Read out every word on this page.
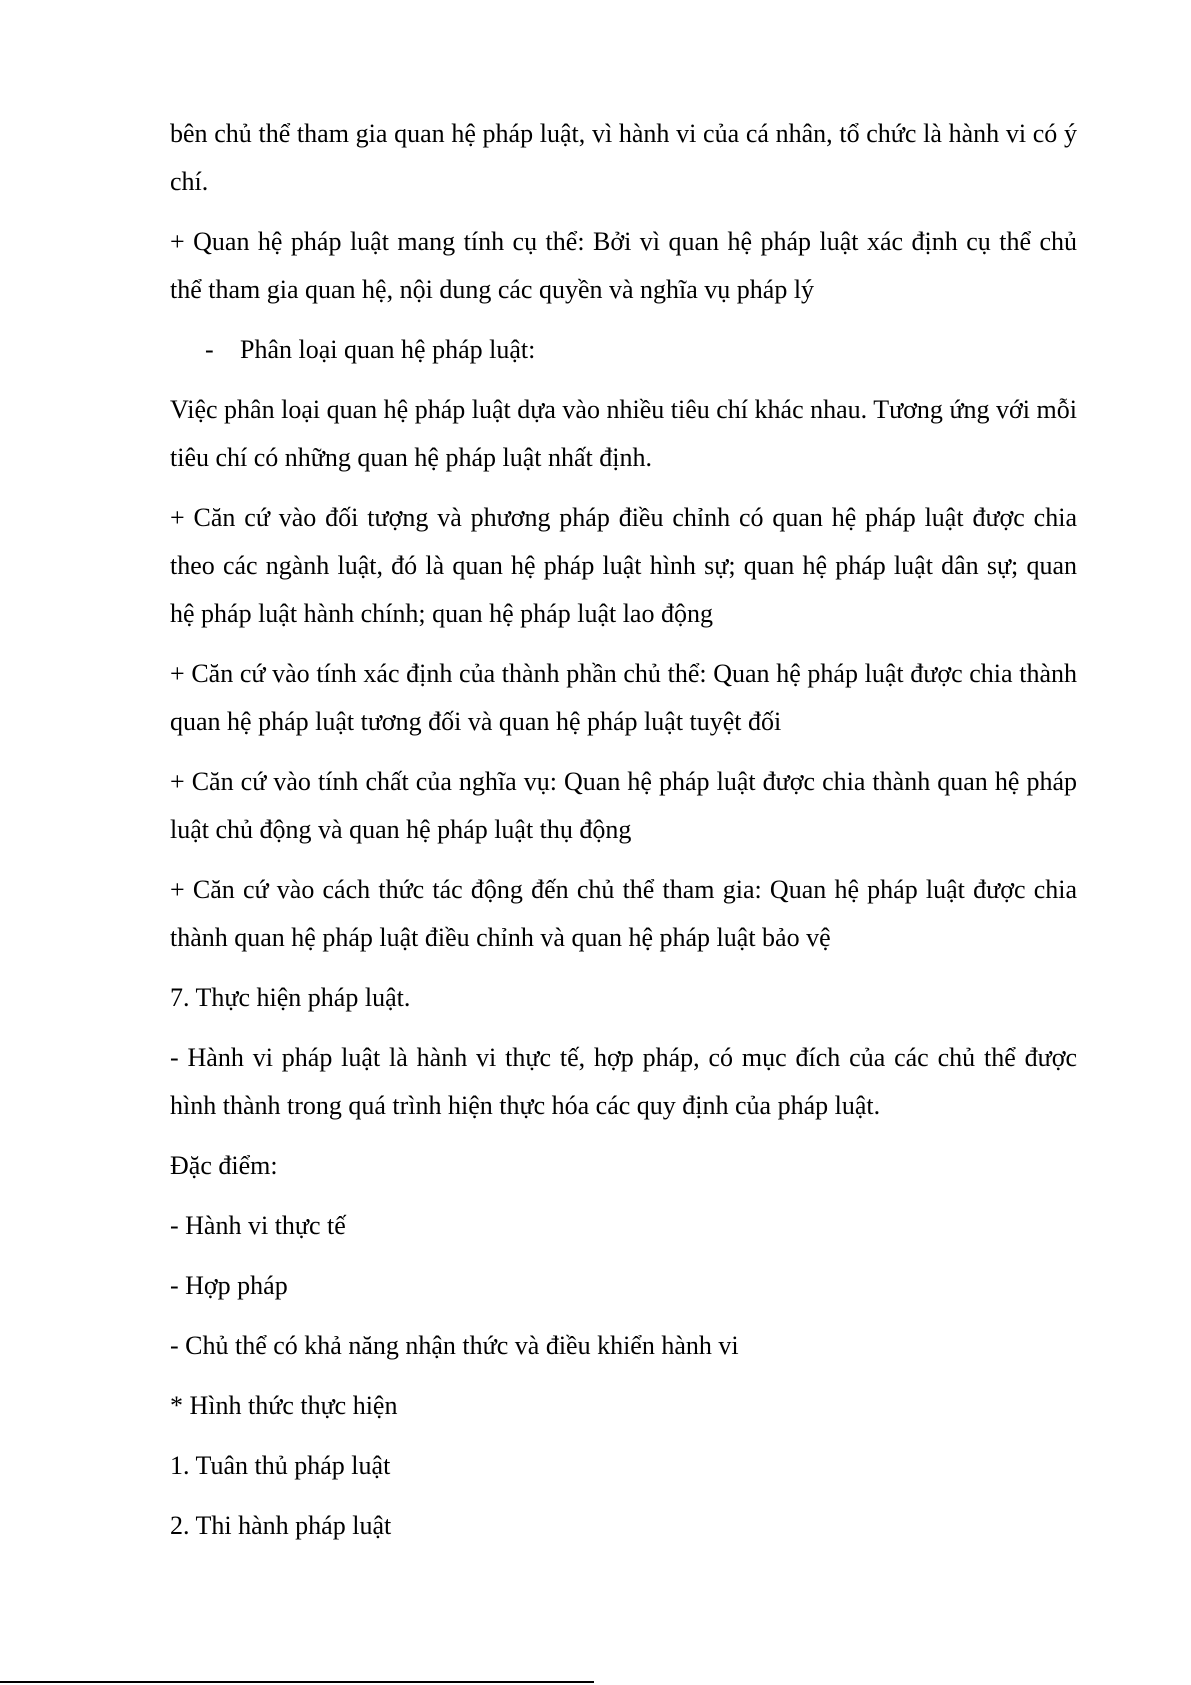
bên chủ thể tham gia quan hệ pháp luật, vì hành vi của cá nhân, tổ chức là hành vi có ý chí.

+ Quan hệ pháp luật mang tính cụ thể: Bởi vì quan hệ pháp luật xác định cụ thể chủ thể tham gia quan hệ, nội dung các quyền và nghĩa vụ pháp lý

-	Phân loại quan hệ pháp luật:

Việc phân loại quan hệ pháp luật dựa vào nhiều tiêu chí khác nhau. Tương ứng với mỗi tiêu chí có những quan hệ pháp luật nhất định.

+ Căn cứ vào đối tượng và phương pháp điều chỉnh có quan hệ pháp luật được chia theo các ngành luật, đó là quan hệ pháp luật hình sự; quan hệ pháp luật dân sự; quan hệ pháp luật hành chính; quan hệ pháp luật lao động

+ Căn cứ vào tính xác định của thành phần chủ thể: Quan hệ pháp luật được chia thành quan hệ pháp luật tương đối và quan hệ pháp luật tuyệt đối

+ Căn cứ vào tính chất của nghĩa vụ: Quan hệ pháp luật được chia thành quan hệ pháp luật chủ động và quan hệ pháp luật thụ động

+ Căn cứ vào cách thức tác động đến chủ thể tham gia: Quan hệ pháp luật được chia thành quan hệ pháp luật điều chỉnh và quan hệ pháp luật bảo vệ

7. Thực hiện pháp luật.

- Hành vi pháp luật là hành vi thực tế, hợp pháp, có mục đích của các chủ thể được hình thành trong quá trình hiện thực hóa các quy định của pháp luật.

Đặc điểm:

- Hành vi thực tế

- Hợp pháp

- Chủ thể có khả năng nhận thức và điều khiển hành vi

* Hình thức thực hiện

1. Tuân thủ pháp luật

2. Thi hành pháp luật
